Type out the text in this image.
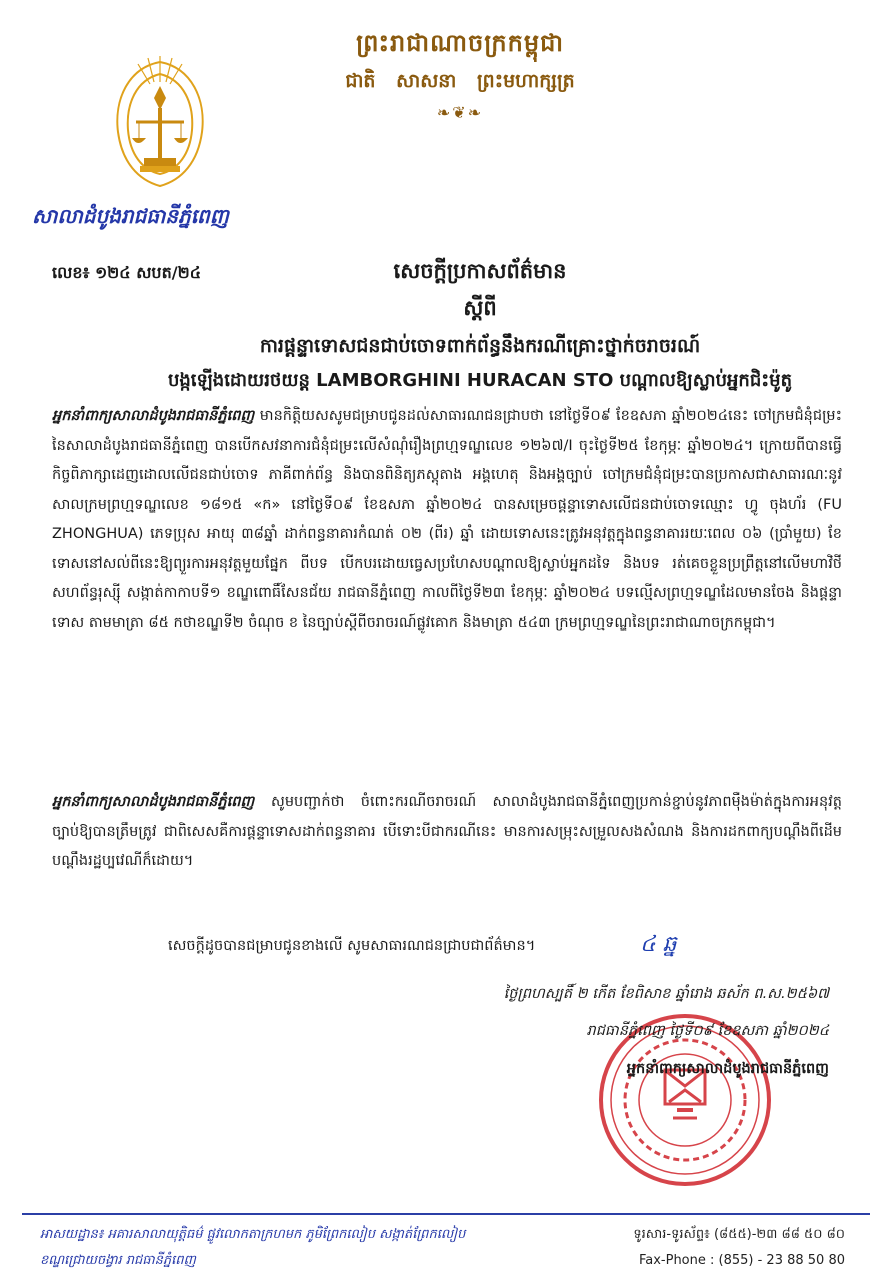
សាលាដំបូងរាជធានីភ្នំពេញ
ព្រះរាជាណាចក្រកម្ពុជា
ជាតិ សាសនា ព្រះមហាក្សត្រ
❧❦❧
លេខ៖ ១២៤ សបត/២៤	សេចក្តីប្រកាសព័ត៌មាន
ស្តីពី
ការផ្តន្ទាទោសជនជាប់ចោទពាក់ព័ន្ធនឹងករណីគ្រោះថ្នាក់ចរាចរណ៍
បង្កឡើងដោយរថយន្ត LAMBORGHINI HURACAN STO បណ្តាលឱ្យស្លាប់អ្នកជិះម៉ូតូ
អ្នកនាំពាក្យសាលាដំបូងរាជធានីភ្នំពេញ មានកិត្តិយសសូមជម្រាបជូនដល់សាធារណជនជ្រាបថា នៅថ្ងៃទី០៩ ខែឧសភា ឆ្នាំ២០២៤នេះ ចៅក្រមជំនុំជម្រះនៃសាលាដំបូងរាជធានីភ្នំពេញ បានបើកសវនាការជំនុំជម្រះលើសំណុំរឿងព្រហ្មទណ្ឌលេខ ១២៦៧/I ចុះថ្ងៃទី២៥ ខែកុម្ភៈ ឆ្នាំ២០២៤។ ក្រោយពីបានធ្វើកិច្ចពិភាក្សាដេញដោលលើជនជាប់ចោទ ភាគីពាក់ព័ន្ធ និងបានពិនិត្យភស្តុតាង អង្គហេតុ និងអង្គច្បាប់ ចៅក្រមជំនុំជម្រះបានប្រកាសជាសាធារណៈនូវសាលក្រមព្រហ្មទណ្ឌលេខ ១៨១៥ «ក» នៅថ្ងៃទី០៩ ខែឧសភា ឆ្នាំ២០២៤ បានសម្រេចផ្តន្ទាទោសលើជនជាប់ចោទឈ្មោះ ហ្វូ ចុងហ័រ (FU ZHONGHUA) ភេទប្រុស អាយុ ៣៨ឆ្នាំ ដាក់ពន្ធនាគារកំណត់ ០២ (ពីរ) ឆ្នាំ ដោយទោសនេះត្រូវអនុវត្តក្នុងពន្ធនាគាររយៈពេល ០៦ (ប្រាំមួយ) ខែ ទោសនៅសល់ពីនេះឱ្យព្យួរការអនុវត្តមួយផ្នែក ពីបទ បើកបរដោយធ្វេសប្រហែសបណ្តាលឱ្យស្លាប់អ្នកដទៃ និងបទ រត់គេចខ្លួនប្រព្រឹត្តនៅលើមហាវិថីសហព័ន្ធរុស្ស៊ី សង្កាត់កាកាបទី១ ខណ្ឌពោធិ៍សែនជ័យ រាជធានីភ្នំពេញ កាលពីថ្ងៃទី២៣ ខែកុម្ភៈ ឆ្នាំ២០២៤ បទល្មើសព្រហ្មទណ្ឌដែលមានចែង និងផ្តន្ទាទោស តាមមាត្រា ៨៥ កថាខណ្ឌទី២ ចំណុច ខ នៃច្បាប់ស្តីពីចរាចរណ៍ផ្លូវគោក និងមាត្រា ៥៤៣ ក្រមព្រហ្មទណ្ឌនៃព្រះរាជាណាចក្រកម្ពុជា។
អ្នកនាំពាក្យសាលាដំបូងរាជធានីភ្នំពេញ សូមបញ្ជាក់ថា ចំពោះករណីចរាចរណ៍ សាលាដំបូងរាជធានីភ្នំពេញប្រកាន់ខ្ជាប់នូវភាពម៉ឺងម៉ាត់ក្នុងការអនុវត្តច្បាប់ឱ្យបានត្រឹមត្រូវ ជាពិសេសគឺការផ្តន្ទាទោសដាក់ពន្ធនាគារ បើទោះបីជាករណីនេះ មានការសម្រុះសម្រួលសងសំណង និងការដកពាក្យបណ្តឹងពីដើមបណ្តឹងរដ្ឋប្បវេណីក៏ដោយ។
សេចក្តីដូចបានជម្រាបជូនខាងលើ សូមសាធារណជនជ្រាបជាព័ត៌មាន។	៤ ឆ្ន
ថ្ងៃព្រហស្បតិ៍ ២ កើត ខែពិសាខ ឆ្នាំរោង ឆស័ក ព.ស.២៥៦៧
រាជធានីភ្នំពេញ ថ្ងៃទី០៩ ខែឧសភា ឆ្នាំ២០២៤
អ្នកនាំពាក្យសាលាដំបូងរាជធានីភ្នំពេញ
អាសយដ្ឋាន៖ អគារសាលាយុត្តិធម៌ ផ្លូវលោកតាក្រហមក ភូមិព្រែកលៀប សង្កាត់ព្រែកលៀប
ខណ្ឌជ្រោយចង្វារ រាជធានីភ្នំពេញ
ទូរសារ-ទូរស័ព្ទ៖ (៨៥៥)-២៣ ៨៨ ៥០ ៨០
Fax-Phone : (855) - 23 88 50 80
